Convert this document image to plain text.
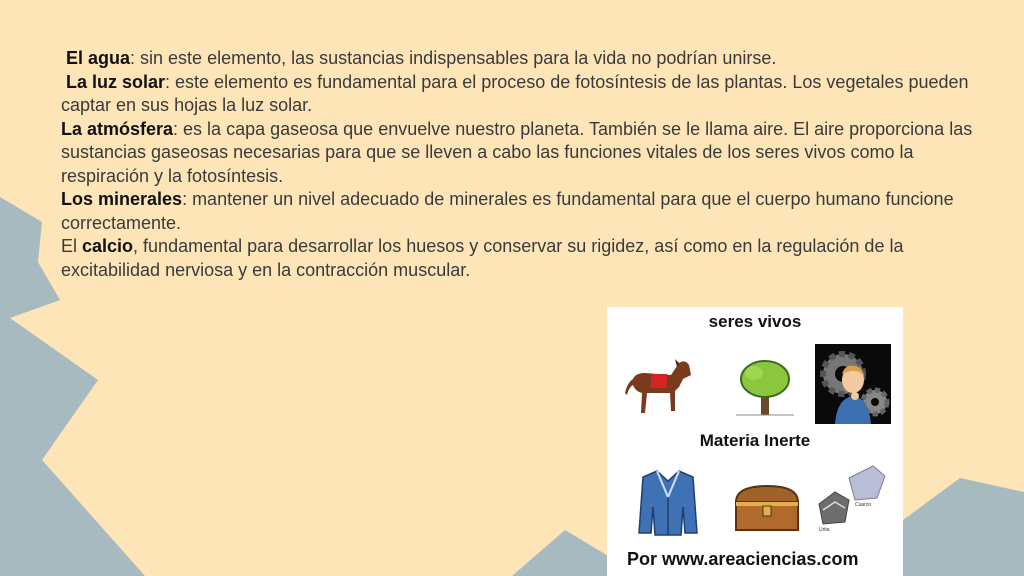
El agua: sin este elemento, las sustancias indispensables para la vida no podrían unirse.

La luz solar: este elemento es fundamental para el proceso de fotosíntesis de las plantas. Los vegetales pueden captar en sus hojas la luz solar.

La atmósfera: es la capa gaseosa que envuelve nuestro planeta. También se le llama aire. El aire proporciona las sustancias gaseosas necesarias para que se lleven a cabo las funciones vitales de los seres vivos como la respiración y la fotosíntesis.

Los minerales: mantener un nivel adecuado de minerales es fundamental para que el cuerpo humano funcione correctamente.

El calcio, fundamental para desarrollar los huesos y conservar su rigidez, así como en la regulación de la excitabilidad nerviosa y en la contracción muscular.

seres vivos
Materia Inerte
Cuarzo
Urita
Por www.areaciencias.com
